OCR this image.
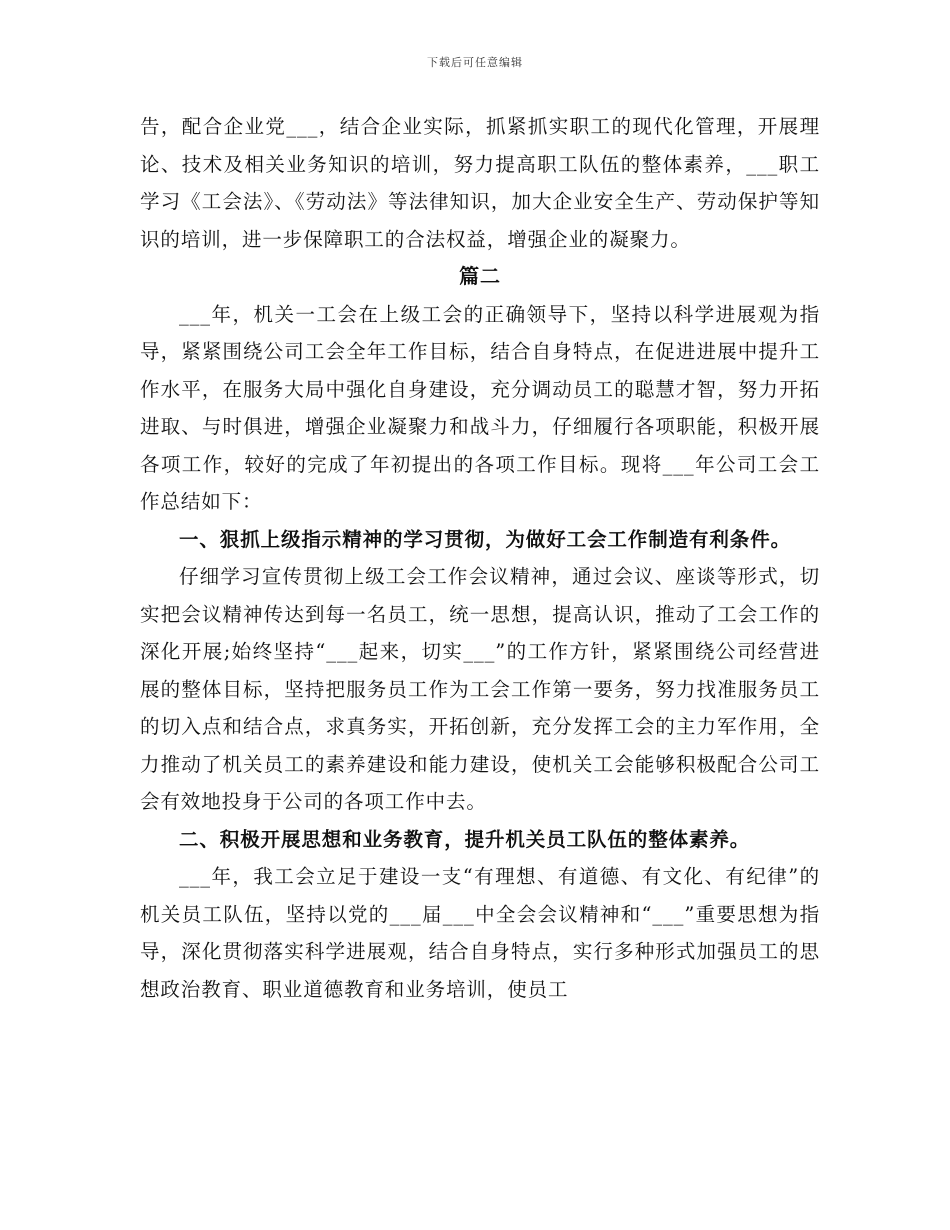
下载后可任意编辑

告，配合企业党___，结合企业实际，抓紧抓实职工的现代化管理，开展理论、技术及相关业务知识的培训，努力提高职工队伍的整体素养，___职工学习《工会法》、《劳动法》等法律知识，加大企业安全生产、劳动保护等知识的培训，进一步保障职工的合法权益，增强企业的凝聚力。

篇二

___年，机关一工会在上级工会的正确领导下，坚持以科学进展观为指导，紧紧围绕公司工会全年工作目标，结合自身特点，在促进进展中提升工作水平，在服务大局中强化自身建设，充分调动员工的聪慧才智，努力开拓进取、与时俱进，增强企业凝聚力和战斗力，仔细履行各项职能，积极开展各项工作，较好的完成了年初提出的各项工作目标。现将___年公司工会工作总结如下：

一、狠抓上级指示精神的学习贯彻，为做好工会工作制造有利条件。

仔细学习宣传贯彻上级工会工作会议精神，通过会议、座谈等形式，切实把会议精神传达到每一名员工，统一思想，提高认识，推动了工会工作的深化开展;始终坚持“___起来，切实___”的工作方针，紧紧围绕公司经营进展的整体目标，坚持把服务员工作为工会工作第一要务，努力找准服务员工的切入点和结合点，求真务实，开拓创新，充分发挥工会的主力军作用，全力推动了机关员工的素养建设和能力建设，使机关工会能够积极配合公司工会有效地投身于公司的各项工作中去。

二、积极开展思想和业务教育，提升机关员工队伍的整体素养。

___年，我工会立足于建设一支“有理想、有道德、有文化、有纪律”的机关员工队伍，坚持以党的___届___中全会会议精神和“___”重要思想为指导，深化贯彻落实科学进展观，结合自身特点，实行多种形式加强员工的思想政治教育、职业道德教育和业务培训，使员工
